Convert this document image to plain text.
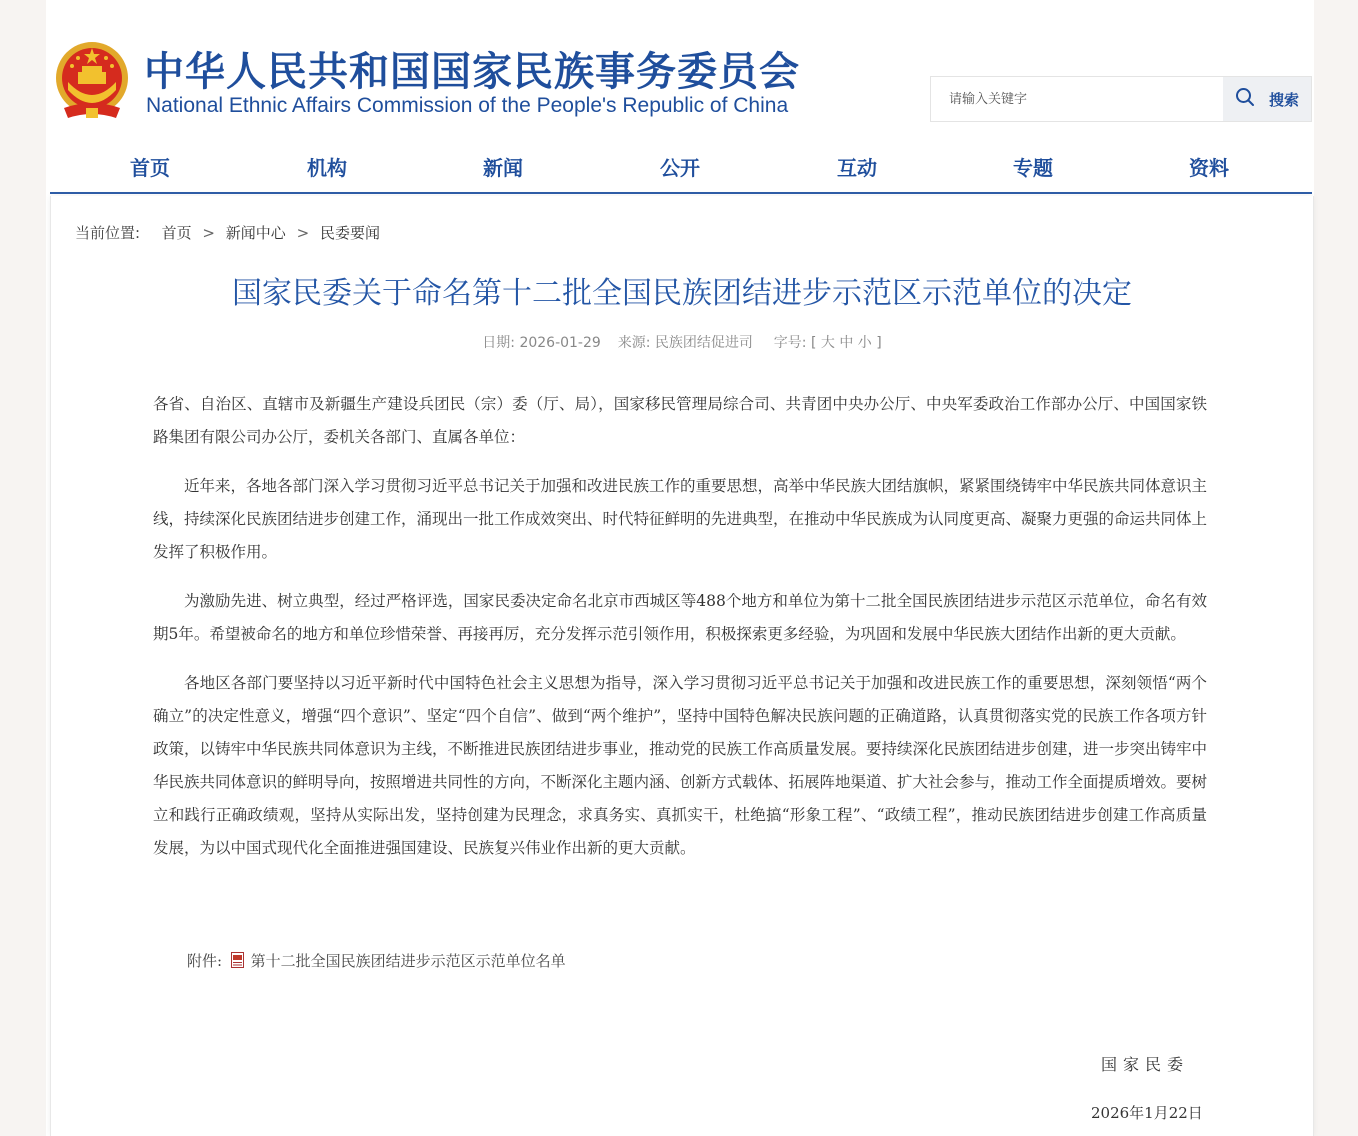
中华人民共和国国家民族事务委员会
National Ethnic Affairs Commission of the People's Republic of China
请输入关键字	搜索
首页	机构	新闻	公开	互动	专题	资料
当前位置: 首页 > 新闻中心 > 民委要闻
国家民委关于命名第十二批全国民族团结进步示范区示范单位的决定
日期: 2026-01-29 来源: 民族团结促进司 字号: [ 大 中 小 ]

各省、自治区、直辖市及新疆生产建设兵团民（宗）委（厅、局），国家移民管理局综合司、共青团中央办公厅、中央军委政治工作部办公厅、中国国家铁路集团有限公司办公厅，委机关各部门、直属各单位：

近年来，各地各部门深入学习贯彻习近平总书记关于加强和改进民族工作的重要思想，高举中华民族大团结旗帜，紧紧围绕铸牢中华民族共同体意识主线，持续深化民族团结进步创建工作，涌现出一批工作成效突出、时代特征鲜明的先进典型，在推动中华民族成为认同度更高、凝聚力更强的命运共同体上发挥了积极作用。

为激励先进、树立典型，经过严格评选，国家民委决定命名北京市西城区等488个地方和单位为第十二批全国民族团结进步示范区示范单位，命名有效期5年。希望被命名的地方和单位珍惜荣誉、再接再厉，充分发挥示范引领作用，积极探索更多经验，为巩固和发展中华民族大团结作出新的更大贡献。

各地区各部门要坚持以习近平新时代中国特色社会主义思想为指导，深入学习贯彻习近平总书记关于加强和改进民族工作的重要思想，深刻领悟“两个确立”的决定性意义，增强“四个意识”、坚定“四个自信”、做到“两个维护”，坚持中国特色解决民族问题的正确道路，认真贯彻落实党的民族工作各项方针政策，以铸牢中华民族共同体意识为主线，不断推进民族团结进步事业，推动党的民族工作高质量发展。要持续深化民族团结进步创建，进一步突出铸牢中华民族共同体意识的鲜明导向，按照增进共同性的方向，不断深化主题内涵、创新方式载体、拓展阵地渠道、扩大社会参与，推动工作全面提质增效。要树立和践行正确政绩观，坚持从实际出发，坚持创建为民理念，求真务实、真抓实干，杜绝搞“形象工程”、“政绩工程”，推动民族团结进步创建工作高质量发展，为以中国式现代化全面推进强国建设、民族复兴伟业作出新的更大贡献。

附件: 第十二批全国民族团结进步示范区示范单位名单
国家民委
2026年1月22日
